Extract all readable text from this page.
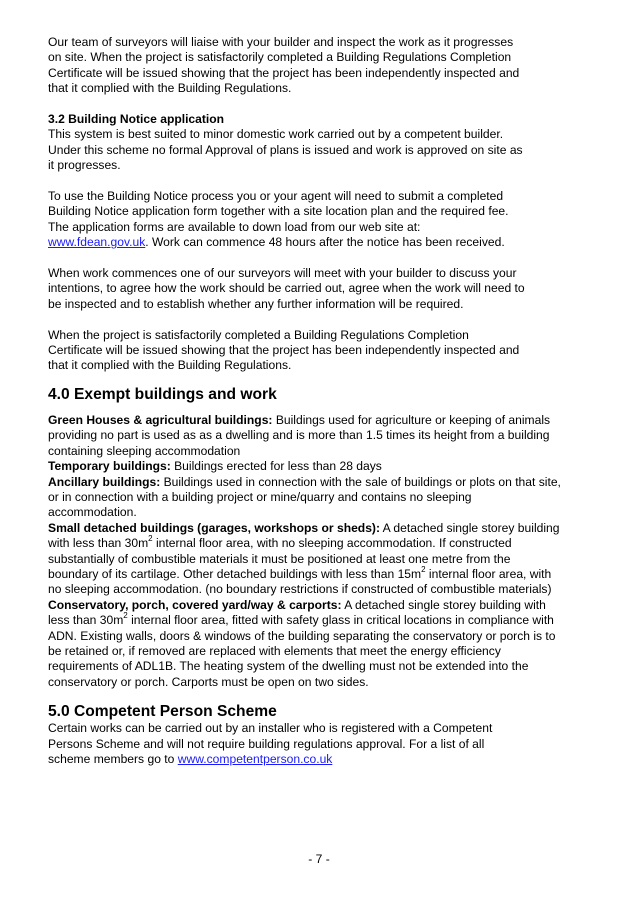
Our team of surveyors will liaise with your builder and inspect the work as it progresses
on site. When the project is satisfactorily completed a Building Regulations Completion
Certificate will be issued showing that the project has been independently inspected and
that it complied with the Building Regulations.

3.2 Building Notice application

This system is best suited to minor domestic work carried out by a competent builder.
Under this scheme no formal Approval of plans is issued and work is approved on site as
it progresses.

To use the Building Notice process you or your agent will need to submit a completed
Building Notice application form together with a site location plan and the required fee.
The application forms are available to down load from our web site at:
www.fdean.gov.uk. Work can commence 48 hours after the notice has been received.

When work commences one of our surveyors will meet with your builder to discuss your
intentions, to agree how the work should be carried out, agree when the work will need to
be inspected and to establish whether any further information will be required.

When the project is satisfactorily completed a Building Regulations Completion
Certificate will be issued showing that the project has been independently inspected and
that it complied with the Building Regulations.

4.0 Exempt buildings and work

Green Houses & agricultural buildings: Buildings used for agriculture or keeping of animals
providing no part is used as as a dwelling and is more than 1.5 times its height from a building
containing sleeping accommodation

Temporary buildings: Buildings erected for less than 28 days

Ancillary buildings: Buildings used in connection with the sale of buildings or plots on that site,
or in connection with a building project or mine/quarry and contains no sleeping
accommodation.

Small detached buildings (garages, workshops or sheds): A detached single storey building
with less than $30m^2$ internal floor area, with no sleeping accommodation. If constructed
substantially of combustible materials it must be positioned at least one metre from the
boundary of its cartilage. Other detached buildings with less than $15m^2$ internal floor area, with
no sleeping accommodation. (no boundary restrictions if constructed of combustible materials)

Conservatory, porch, covered yard/way & carports: A detached single storey building with
less than $30m^2$ internal floor area, fitted with safety glass in critical locations in compliance with
ADN. Existing walls, doors & windows of the building separating the conservatory or porch is to
be retained or, if removed are replaced with elements that meet the energy efficiency
requirements of ADL1B. The heating system of the dwelling must not be extended into the
conservatory or porch. Carports must be open on two sides.

5.0 Competent Person Scheme

Certain works can be carried out by an installer who is registered with a Competent
Persons Scheme and will not require building regulations approval. For a list of all
scheme members go to www.competentperson.co.uk

- 7 -
